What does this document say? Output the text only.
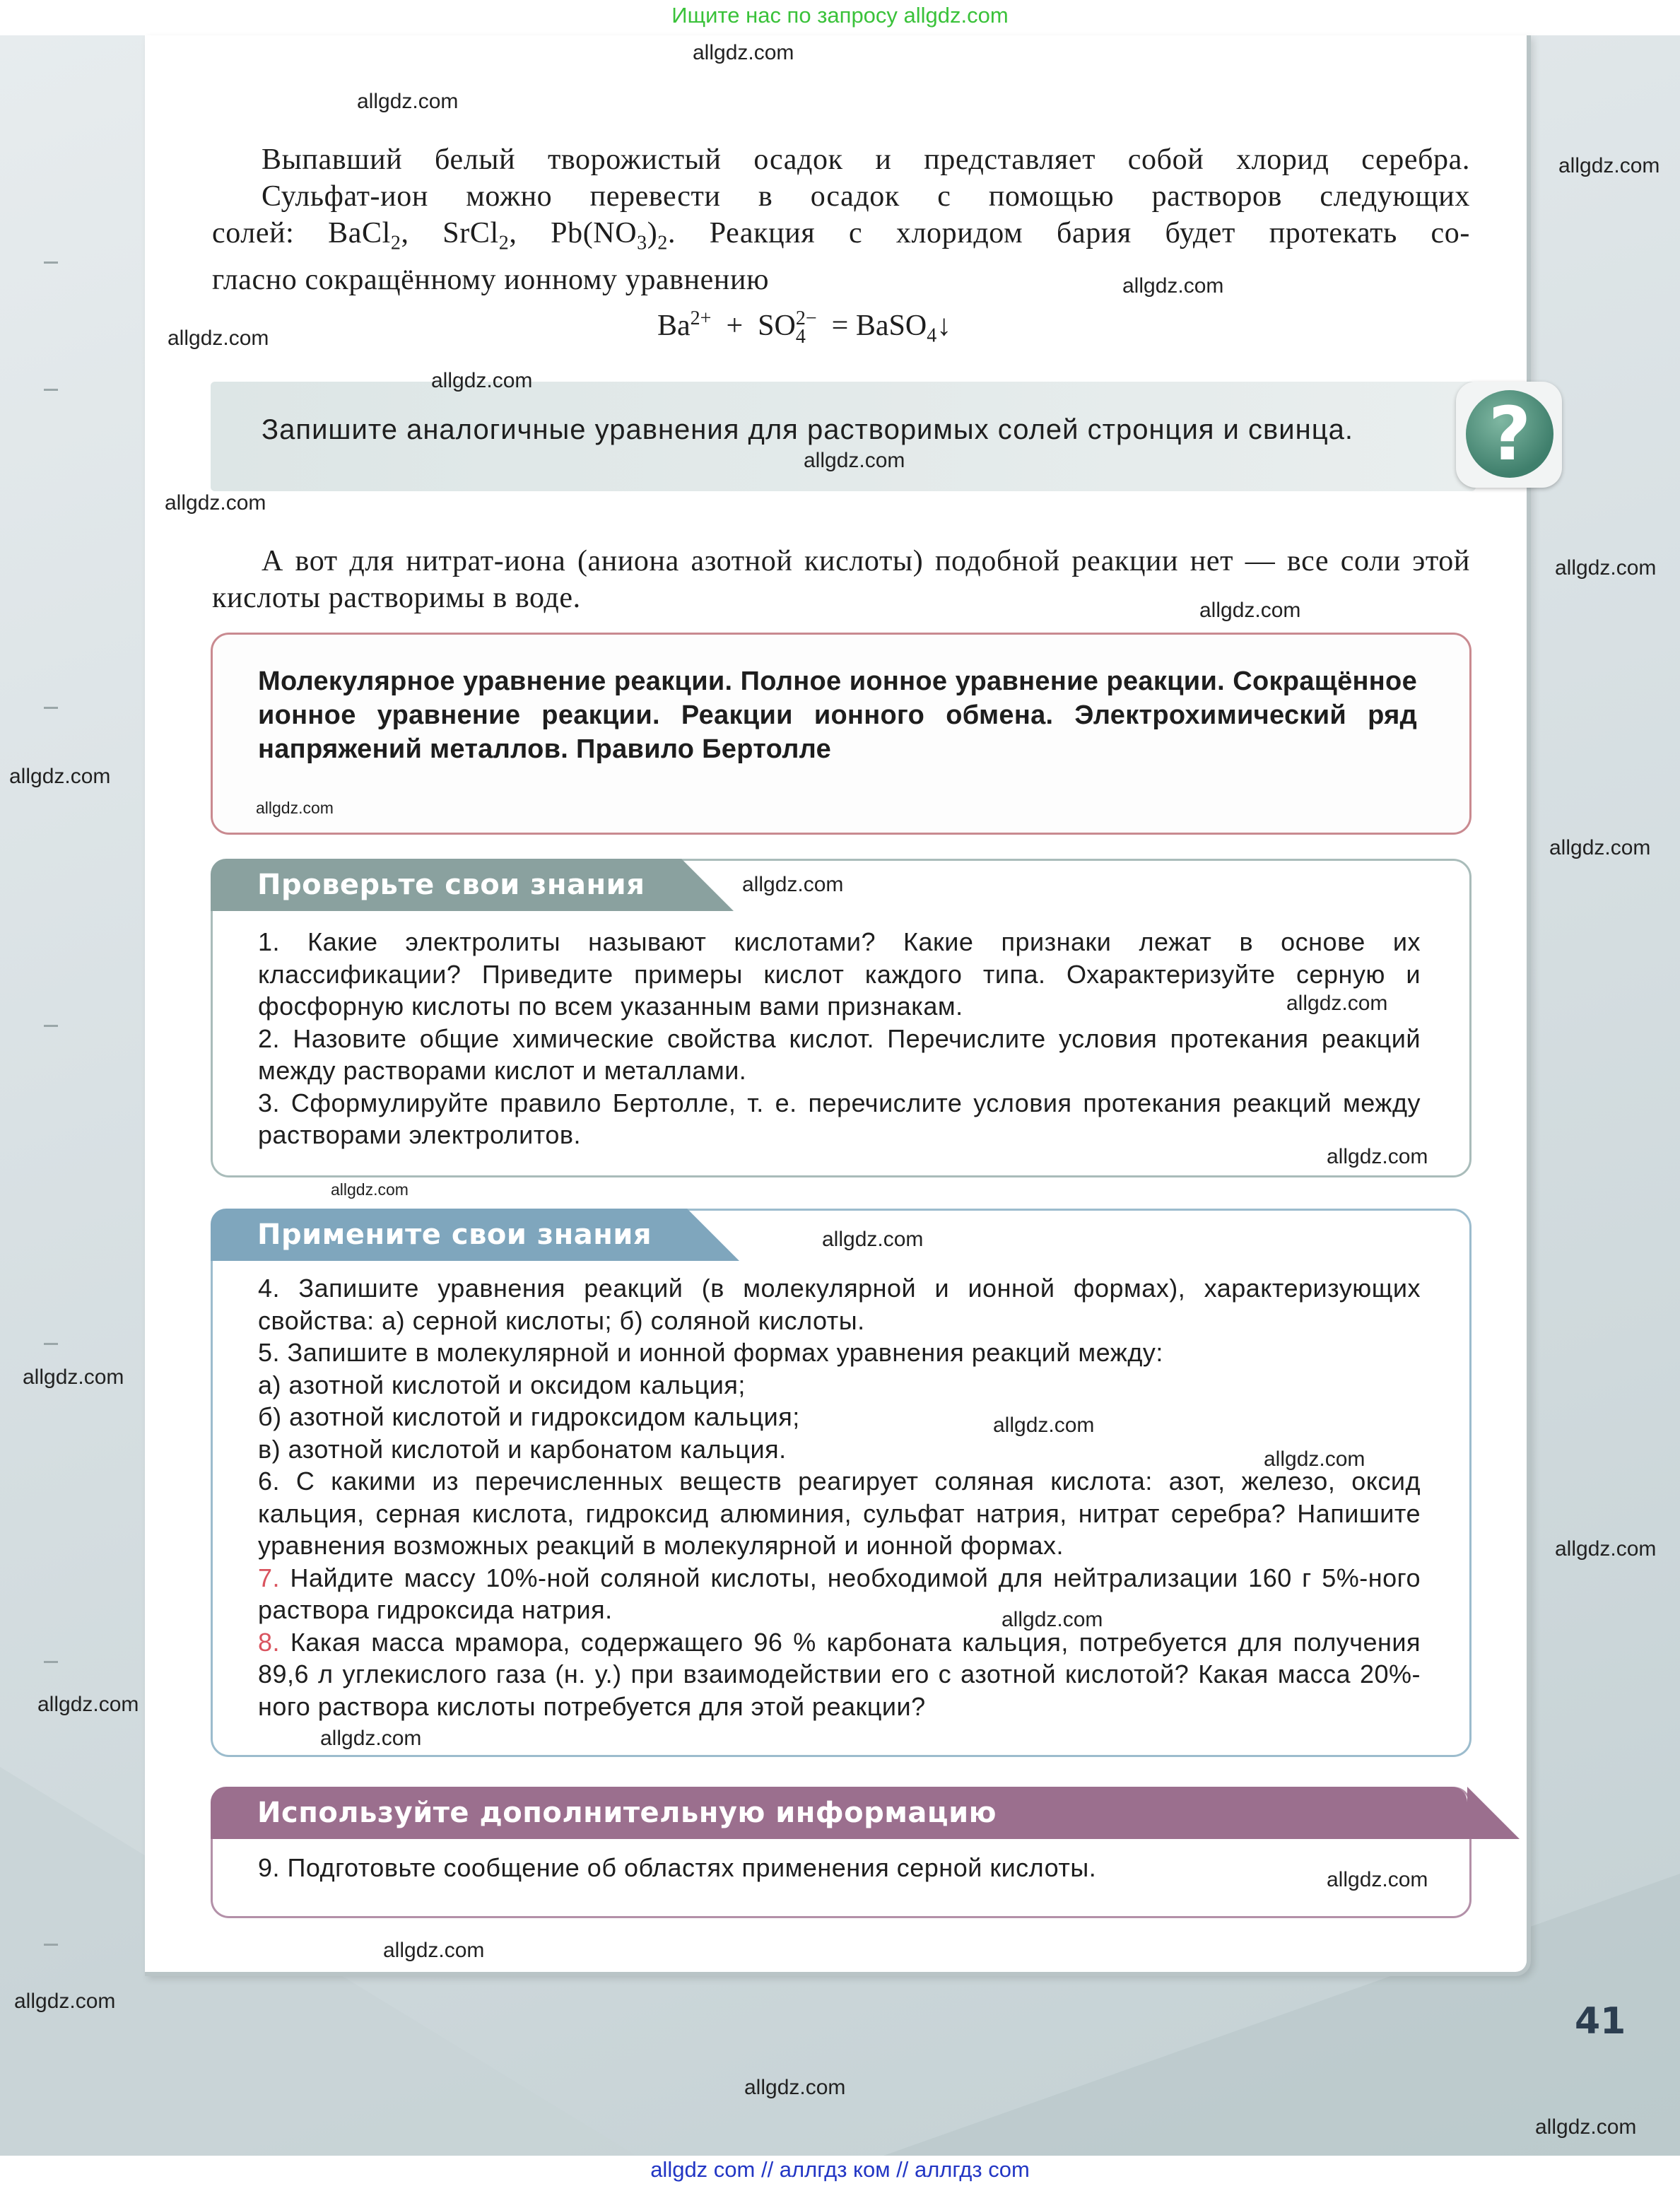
Ищите нас по запросу allgdz.com

Выпавший белый творожистый осадок и представляет собой хлорид серебра.

Сульфат-ион можно перевести в осадок с помощью растворов следующих

солей: BaCl$_2$, SrCl$_2$, $Pb(NO_3)_2$. Реакция с хлоридом бария будет протекать со-

гласно сокращённому ионному уравнению

$Ba^{2+}$ + SO 2−
4 = BaSO$_4$↓
Запишите аналогичные уравнения для растворимых солей стронция и свинца.	?

А вот для нитрат-иона (аниона азотной кислоты) подобной реакции нет — все соли этой кислоты растворимы в воде.

Молекулярное уравнение реакции. Полное ионное уравнение реакции. Сокращённое ионное уравнение реакции. Реакции ионного обмена. Электрохимический ряд напряжений металлов. Правило Бертолле
Проверьте свои знания

1. Какие электролиты называют кислотами? Какие признаки лежат в основе их классификации? Приведите примеры кислот каждого типа. Охарактеризуйте серную и фосфорную кислоты по всем указанным вами признакам.

2. Назовите общие химические свойства кислот. Перечислите условия протекания реакций между растворами кислот и металлами.

3. Сформулируйте правило Бертолле, т. е. перечислите условия протекания реакций между растворами электролитов.

Примените свои знания

4. Запишите уравнения реакций (в молекулярной и ионной формах), характеризующих свойства: а) серной кислоты; б) соляной кислоты.

5. Запишите в молекулярной и ионной формах уравнения реакций между:

а) азотной кислотой и оксидом кальция;

б) азотной кислотой и гидроксидом кальция;

в) азотной кислотой и карбонатом кальция.

6. С какими из перечисленных веществ реагирует соляная кислота: азот, железо, оксид кальция, серная кислота, гидроксид алюминия, сульфат натрия, нитрат серебра? Напишите уравнения возможных реакций в молекулярной и ионной формах.

7. Найдите массу 10%-ной соляной кислоты, необходимой для нейтрализации 160 г 5%-ного раствора гидроксида натрия.

8. Какая масса мрамора, содержащего 96 % карбоната кальция, потребуется для получения 89,6 л углекислого газа (н. у.) при взаимодействии его с азотной кислотой? Какая масса 20%-ного раствора кислоты потребуется для этой реакции?

Используйте дополнительную информацию

9. Подготовьте сообщение об областях применения серной кислоты.

41
allgdz.com
allgdz.com
allgdz.com
allgdz.com
allgdz.com
allgdz.com
allgdz.com
allgdz.com
allgdz.com
allgdz.com
allgdz.com
allgdz.com
allgdz.com
allgdz.com
allgdz.com
allgdz.com
allgdz.com
allgdz.com
allgdz.com
allgdz.com
allgdz.com
allgdz.com
allgdz.com
allgdz.com
allgdz.com
allgdz.com
allgdz.com
allgdz.com
allgdz.com
allgdz.com
allgdz com // аллгдз ком // аллгдз com
